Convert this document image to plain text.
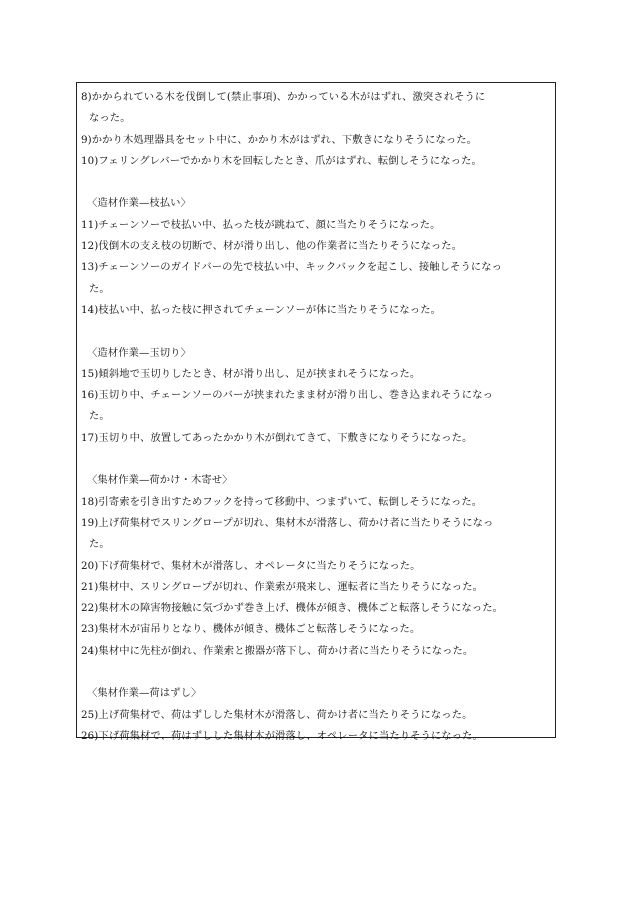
8)かかられている木を伐倒して(禁止事項)、かかっている木がはずれ、激突されそうに
なった。
9)かかり木処理器具をセット中に、かかり木がはずれ、下敷きになりそうになった。
10)フェリングレバーでかかり木を回転したとき、爪がはずれ、転倒しそうになった。
〈造材作業—枝払い〉
11)チェーンソーで枝払い中、払った枝が跳ねて、顔に当たりそうになった。
12)伐倒木の支え枝の切断で、材が滑り出し、他の作業者に当たりそうになった。
13)チェーンソーのガイドバーの先で枝払い中、キックバックを起こし、接触しそうになっ
た。
14)枝払い中、払った枝に押されてチェーンソーが体に当たりそうになった。
〈造材作業—玉切り〉
15)傾斜地で玉切りしたとき、材が滑り出し、足が挟まれそうになった。
16)玉切り中、チェーンソーのバーが挟まれたまま材が滑り出し、巻き込まれそうになっ
た。
17)玉切り中、放置してあったかかり木が倒れてきて、下敷きになりそうになった。
〈集材作業—荷かけ・木寄せ〉
18)引寄索を引き出すためフックを持って移動中、つまずいて、転倒しそうになった。
19)上げ荷集材でスリングロープが切れ、集材木が滑落し、荷かけ者に当たりそうになっ
た。
20)下げ荷集材で、集材木が滑落し、オペレータに当たりそうになった。
21)集材中、スリングロープが切れ、作業索が飛来し、運転者に当たりそうになった。
22)集材木の障害物接触に気づかず巻き上げ、機体が傾き、機体ごと転落しそうになった。
23)集材木が宙吊りとなり、機体が傾き、機体ごと転落しそうになった。
24)集材中に先柱が倒れ、作業索と搬器が落下し、荷かけ者に当たりそうになった。
〈集材作業—荷はずし〉
25)上げ荷集材で、荷はずしした集材木が滑落し、荷かけ者に当たりそうになった。
26)下げ荷集材で、荷はずしした集材木が滑落し、オペレータに当たりそうになった。
